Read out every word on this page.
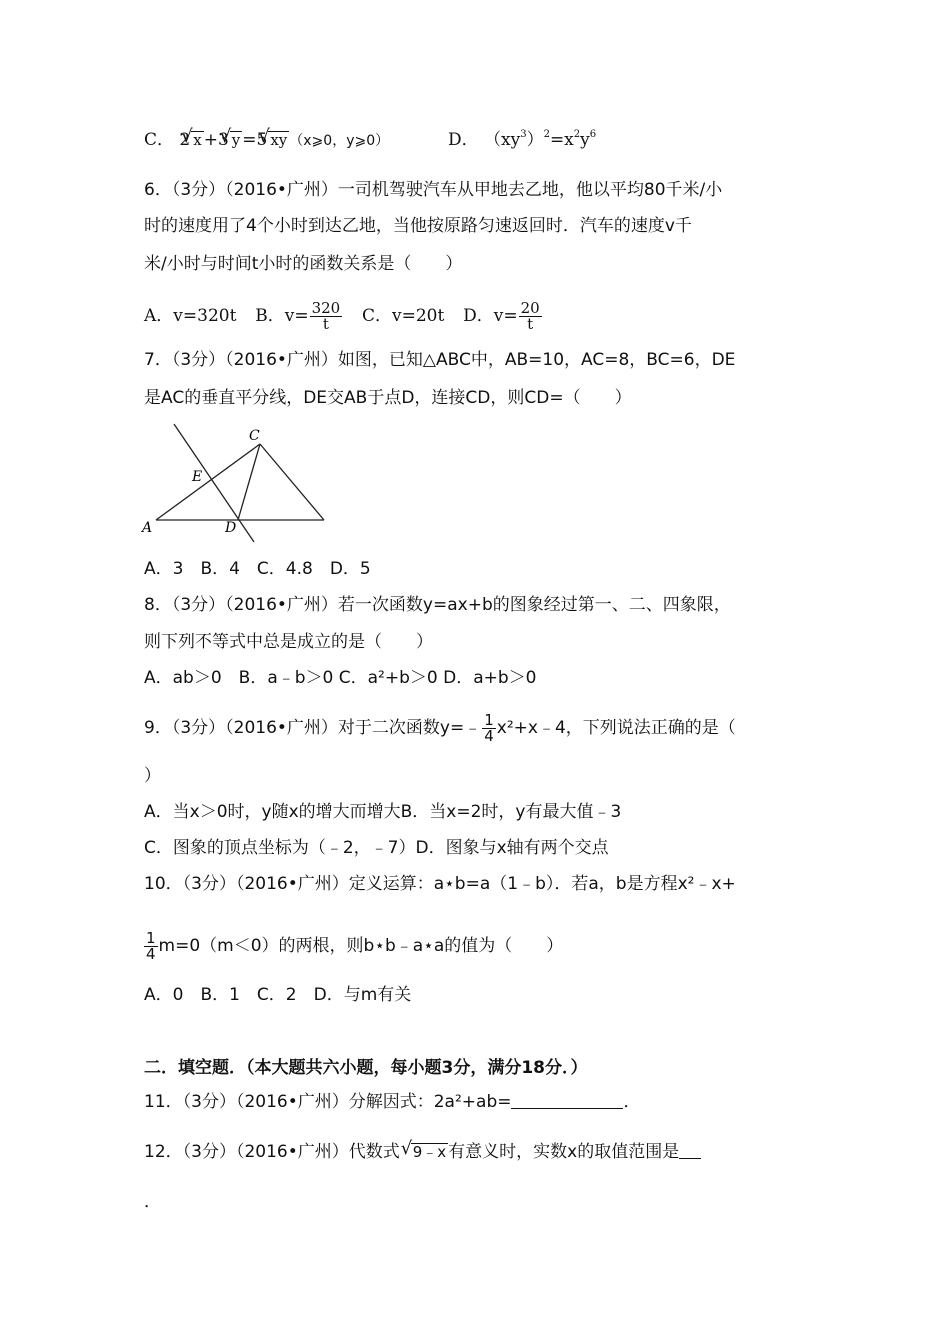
C． 2 √ x +3 √ y =5 √ xy （x⩾0，y⩾0）	D． $(xy^3)^2=x^2y^6$
6．（3分）（2016•广州）一司机驾驶汽车从甲地去乙地，他以平均80千米/小
时的速度用了4个小时到达乙地，当他按原路匀速返回时．汽车的速度v千
米/小时与时间t小时的函数关系是（　　）
A．v=320t B．$v= \frac{320}{t}$ C．v=20t D．$v= \frac{20}{t}$
7．（3分）（2016•广州）如图，已知△ABC中，AB=10，AC=8，BC=6，DE
是AC的垂直平分线，DE交AB于点D，连接CD，则CD=（　　）
A
C
D
E
A．3　B．4　C．4.8　D．5
8．（3分）（2016•广州）若一次函数y=ax+b的图象经过第一、二、四象限，
则下列不等式中总是成立的是（　　）
A．ab＞0　B．a﹣b＞0 C．a²+b＞0 D．a+b＞0
9．（3分）（2016•广州）对于二次函数y=﹣ $\frac{1}{4}$ x²+x﹣4，下列说法正确的是（
）
A．当x＞0时，y随x的增大而增大B．当x=2时，y有最大值﹣3
C．图象的顶点坐标为（﹣2，﹣7）D．图象与x轴有两个交点
10．（3分）（2016•广州）定义运算：a⋆b=a（1﹣b）．若a，b是方程x²﹣x+
$\frac{1}{4} m=0(m<0)$的两根，则b⋆b﹣a⋆a的值为（　　）
A．0　B．1　C．2　D．与m有关
二．填空题．（本大题共六小题，每小题3分，满分18分．）
11．（3分）（2016•广州）分解因式：2a²+ab=	．
12．（3分）（2016•广州）代数式 √ 9﹣x 有意义时，实数x的取值范围是
．
